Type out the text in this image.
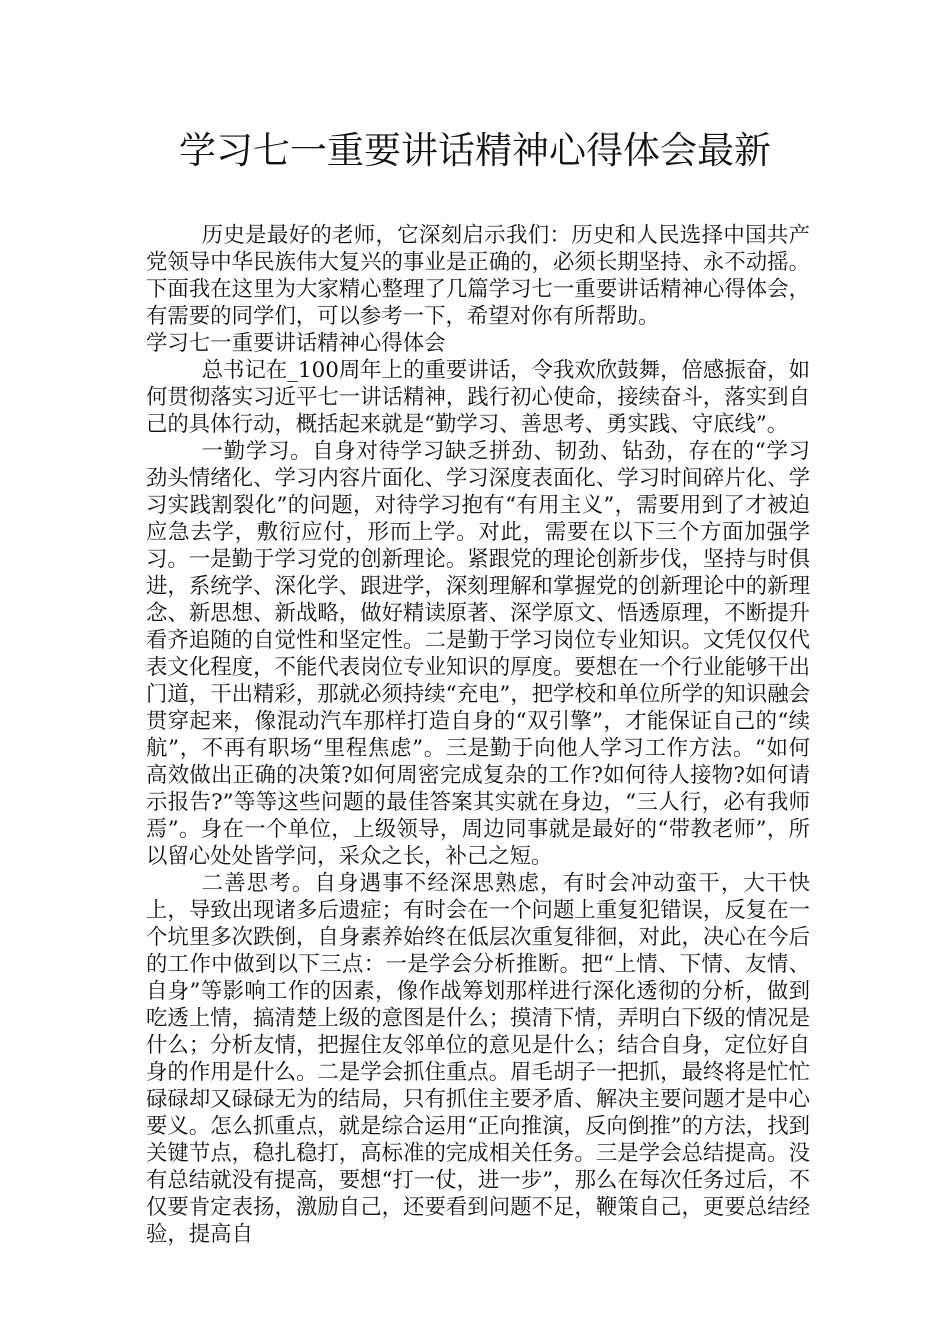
学习七一重要讲话精神心得体会最新

历史是最好的老师，它深刻启示我们：历史和人民选择中国共产党领导中华民族伟大复兴的事业是正确的，必须长期坚持、永不动摇。下面我在这里为大家精心整理了几篇学习七一重要讲话精神心得体会，有需要的同学们，可以参考一下，希望对你有所帮助。

学习七一重要讲话精神心得体会

总书记在_100周年上的重要讲话，令我欢欣鼓舞，倍感振奋，如何贯彻落实习近平七一讲话精神，践行初心使命，接续奋斗，落实到自己的具体行动，概括起来就是“勤学习、善思考、勇实践、守底线”。

一勤学习。自身对待学习缺乏拼劲、韧劲、钻劲，存在的“学习劲头情绪化、学习内容片面化、学习深度表面化、学习时间碎片化、学习实践割裂化”的问题，对待学习抱有“有用主义”，需要用到了才被迫应急去学，敷衍应付，形而上学。对此，需要在以下三个方面加强学习。一是勤于学习党的创新理论。紧跟党的理论创新步伐，坚持与时俱进，系统学、深化学、跟进学，深刻理解和掌握党的创新理论中的新理念、新思想、新战略，做好精读原著、深学原文、悟透原理，不断提升看齐追随的自觉性和坚定性。二是勤于学习岗位专业知识。文凭仅仅代表文化程度，不能代表岗位专业知识的厚度。要想在一个行业能够干出门道，干出精彩，那就必须持续“充电”，把学校和单位所学的知识融会贯穿起来，像混动汽车那样打造自身的“双引擎”，才能保证自己的“续航”，不再有职场“里程焦虑”。三是勤于向他人学习工作方法。“如何高效做出正确的决策?如何周密完成复杂的工作?如何待人接物?如何请示报告?”等等这些问题的最佳答案其实就在身边，“三人行，必有我师焉”。身在一个单位，上级领导，周边同事就是最好的“带教老师”，所以留心处处皆学问，采众之长，补己之短。

二善思考。自身遇事不经深思熟虑，有时会冲动蛮干，大干快上，导致出现诸多后遗症；有时会在一个问题上重复犯错误，反复在一个坑里多次跌倒，自身素养始终在低层次重复徘徊，对此，决心在今后的工作中做到以下三点：一是学会分析推断。把“上情、下情、友情、自身”等影响工作的因素，像作战筹划那样进行深化透彻的分析，做到吃透上情，搞清楚上级的意图是什么；摸清下情，弄明白下级的情况是什么；分析友情，把握住友邻单位的意见是什么；结合自身，定位好自身的作用是什么。二是学会抓住重点。眉毛胡子一把抓，最终将是忙忙碌碌却又碌碌无为的结局，只有抓住主要矛盾、解决主要问题才是中心要义。怎么抓重点，就是综合运用“正向推演，反向倒推”的方法，找到关键节点，稳扎稳打，高标准的完成相关任务。三是学会总结提高。没有总结就没有提高，要想“打一仗，进一步”，那么在每次任务过后，不仅要肯定表扬，激励自己，还要看到问题不足，鞭策自己，更要总结经验，提高自
